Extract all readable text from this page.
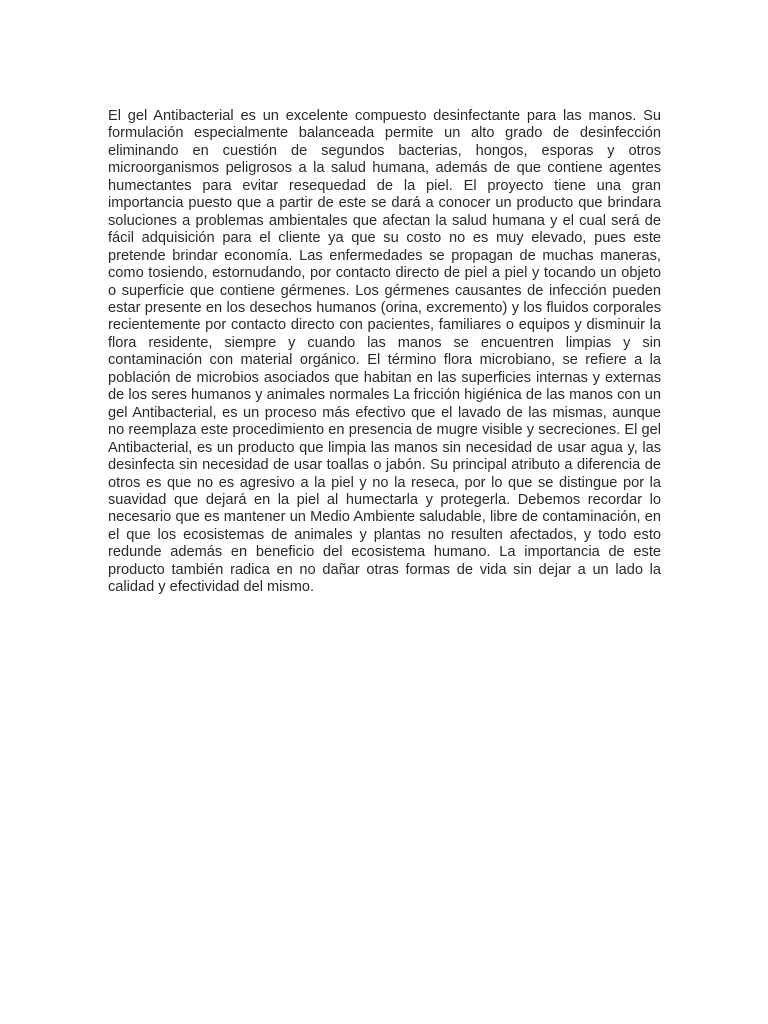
El gel Antibacterial es un excelente compuesto desinfectante para las manos. Su formulación especialmente balanceada permite un alto grado de desinfección eliminando en cuestión de segundos bacterias, hongos, esporas y otros microorganismos peligrosos a la salud humana, además de que contiene agentes humectantes para evitar resequedad de la piel. El proyecto tiene una gran importancia puesto que a partir de este se dará a conocer un producto que brindara soluciones a problemas ambientales que afectan la salud humana y el cual será de fácil adquisición para el cliente ya que su costo no es muy elevado, pues este pretende brindar economía. Las enfermedades se propagan de muchas maneras, como tosiendo, estornudando, por contacto directo de piel a piel y tocando un objeto o superficie que contiene gérmenes. Los gérmenes causantes de infección pueden estar presente en los desechos humanos (orina, excremento) y los fluidos corporales recientemente por contacto directo con pacientes, familiares o equipos y disminuir la flora residente, siempre y cuando las manos se encuentren limpias y sin contaminación con material orgánico. El término flora microbiano, se refiere a la población de microbios asociados que habitan en las superficies internas y externas de los seres humanos y animales normales La fricción higiénica de las manos con un gel Antibacterial, es un proceso más efectivo que el lavado de las mismas, aunque no reemplaza este procedimiento en presencia de mugre visible y secreciones. El gel Antibacterial, es un producto que limpia las manos sin necesidad de usar agua y, las desinfecta sin necesidad de usar toallas o jabón. Su principal atributo a diferencia de otros es que no es agresivo a la piel y no la reseca, por lo que se distingue por la suavidad que dejará en la piel al humectarla y protegerla. Debemos recordar lo necesario que es mantener un Medio Ambiente saludable, libre de contaminación, en el que los ecosistemas de animales y plantas no resulten afectados, y todo esto redunde además en beneficio del ecosistema humano. La importancia de este producto también radica en no dañar otras formas de vida sin dejar a un lado la calidad y efectividad del mismo.
